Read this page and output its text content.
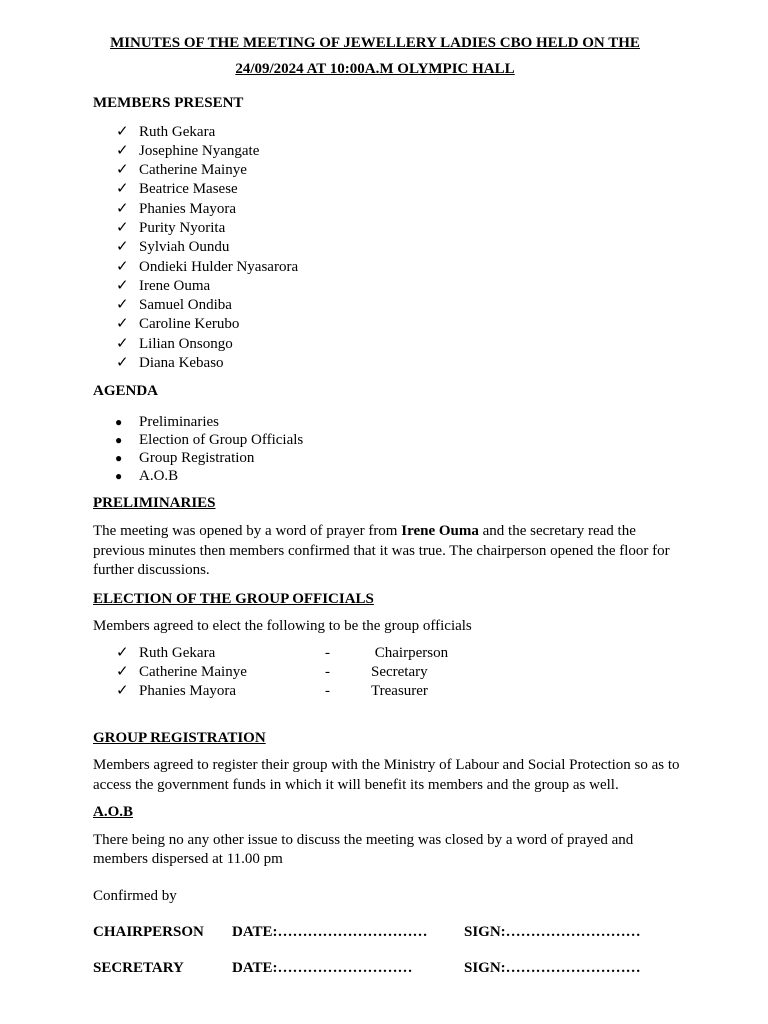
MINUTES OF THE MEETING OF JEWELLERY LADIES CBO HELD ON THE

24/09/2024 AT 10:00A.M OLYMPIC HALL

MEMBERS PRESENT

✓ Ruth Gekara
✓ Josephine Nyangate
✓ Catherine Mainye
✓ Beatrice Masese
✓ Phanies Mayora
✓ Purity Nyorita
✓ Sylviah Oundu
✓ Ondieki Hulder Nyasarora
✓ Irene Ouma
✓ Samuel Ondiba
✓ Caroline Kerubo
✓ Lilian Onsongo
✓ Diana Kebaso

AGENDA

● Preliminaries
● Election of Group Officials
● Group Registration
● A.O.B

PRELIMINARIES

The meeting was opened by a word of prayer from Irene Ouma and the secretary read the previous minutes then members confirmed that it was true. The chairperson opened the floor for further discussions.

ELECTION OF THE GROUP OFFICIALS

Members agreed to elect the following to be the group officials

✓ Ruth Gekara	-	Chairperson
✓ Catherine Mainye	-	Secretary
✓ Phanies Mayora	-	Treasurer

GROUP REGISTRATION

Members agreed to register their group with the Ministry of Labour and Social Protection so as to access the government funds in which it will benefit its members and the group as well.

A.O.B

There being no any other issue to discuss the meeting was closed by a word of prayed and members dispersed at 11.00 pm

Confirmed by

CHAIRPERSON DATE:………………………… SIGN:………………………
SECRETARY	DATE:………………………	SIGN:………………………
